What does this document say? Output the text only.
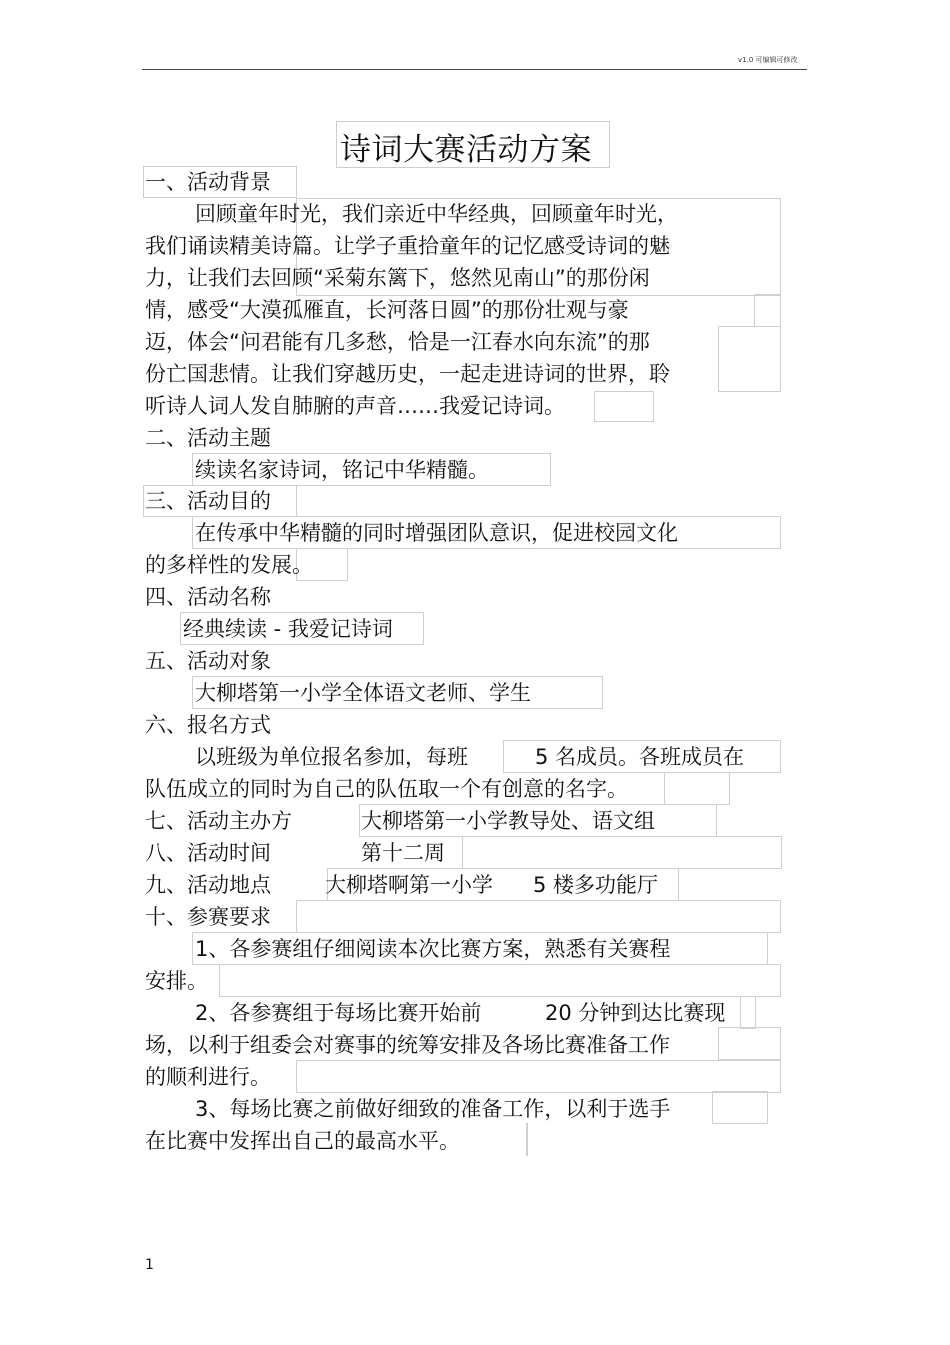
v1.0 可编辑可修改
诗词大赛活动方案
一、活动背景
回顾童年时光，我们亲近中华经典，回顾童年时光，
我们诵读精美诗篇。让学子重拾童年的记忆感受诗词的魅
力，让我们去回顾“采菊东篱下，悠然见南山”的那份闲
情，感受“大漠孤雁直，长河落日圆”的那份壮观与豪
迈，体会“问君能有几多愁，恰是一江春水向东流”的那
份亡国悲情。让我们穿越历史，一起走进诗词的世界，聆
听诗人词人发自肺腑的声音……我爱记诗词。
二、活动主题
续读名家诗词，铭记中华精髓。
三、活动目的
在传承中华精髓的同时增强团队意识，促进校园文化
的多样性的发展。
四、活动名称
经典续读 - 我爱记诗词
五、活动对象
大柳塔第一小学全体语文老师、学生
六、报名方式
以班级为单位报名参加，每班	5 名成员。各班成员在
队伍成立的同时为自己的队伍取一个有创意的名字。
七、活动主办方	大柳塔第一小学教导处、语文组
八、活动时间	第十二周
九、活动地点	大柳塔啊第一小学 5 楼多功能厅
十、参赛要求
1、各参赛组仔细阅读本次比赛方案，熟悉有关赛程
安排。
2、各参赛组于每场比赛开始前	20 分钟到达比赛现
场，以利于组委会对赛事的统筹安排及各场比赛准备工作
的顺利进行。
3、每场比赛之前做好细致的准备工作，以利于选手
在比赛中发挥出自己的最高水平。
1
